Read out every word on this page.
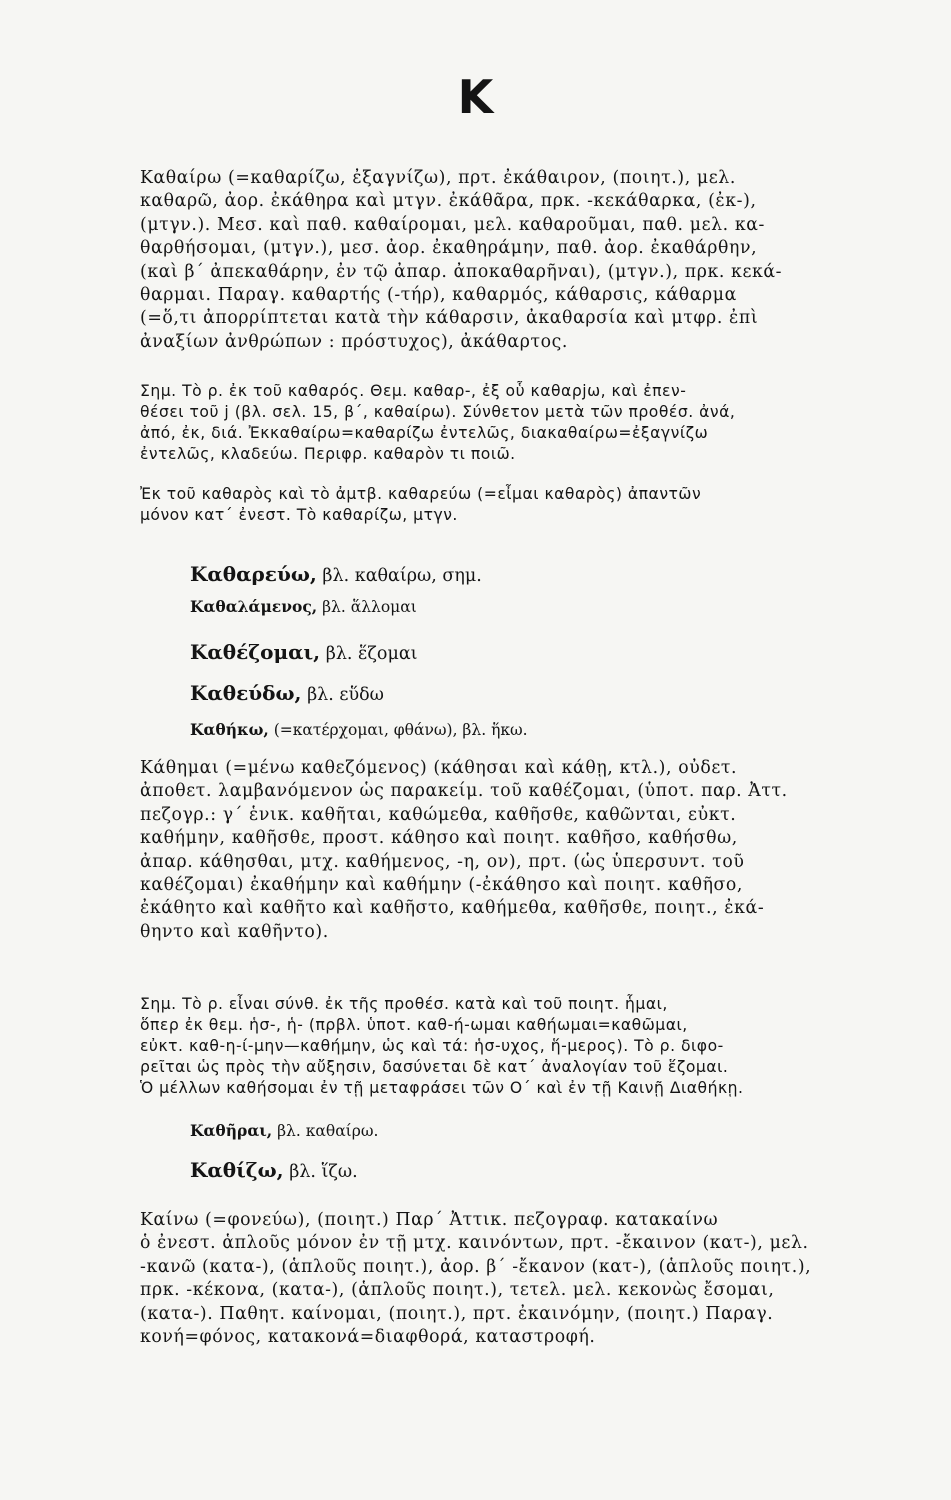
Κ
Καθαίρω (=καθαρίζω, ἐξαγνίζω), πρτ. ἐκάθαιρον, (ποιητ.), μελ.
καθαρῶ, ἀορ. ἐκάθηρα καὶ μτγν. ἐκάθᾶρα, πρκ. -κεκάθαρκα, (ἐκ-),
(μτγν.). Μεσ. καὶ παθ. καθαίρομαι, μελ. καθαροῦμαι, παθ. μελ. κα-
θαρθήσομαι, (μτγν.), μεσ. ἀορ. ἐκαθηράμην, παθ. ἀορ. ἐκαθάρθην,
(καὶ β΄ ἀπεκαθάρην, ἐν τῷ ἀπαρ. ἀποκαθαρῆναι), (μτγν.), πρκ. κεκά-
θαρμαι. Παραγ. καθαρτής (-τήρ), καθαρμός, κάθαρσις, κάθαρμα
(=ὅ,τι ἀπορρίπτεται κατὰ τὴν κάθαρσιν, ἀκαθαρσία καὶ μτφρ. ἐπὶ
ἀναξίων ἀνθρώπων : πρόστυχος), ἀκάθαρτος.
Σημ. Τὸ ρ. ἐκ τοῦ καθαρός. Θεμ. καθαρ-, ἐξ οὗ καθαρjω, καὶ ἐπεν-
θέσει τοῦ j (βλ. σελ. 15, β΄, καθαίρω). Σύνθετον μετὰ τῶν προθέσ. ἀνά,
ἀπό, ἐκ, διά. Ἐκκαθαίρω=καθαρίζω ἐντελῶς, διακαθαίρω=ἐξαγνίζω
ἐντελῶς, κλαδεύω. Περιφρ. καθαρὸν τι ποιῶ.
Ἐκ τοῦ καθαρὸς καὶ τὸ ἀμτβ. καθαρεύω (=εἶμαι καθαρὸς) ἀπαντῶν
μόνον κατ΄ ἐνεστ. Τὸ καθαρίζω, μτγν.
Καθαρεύω, βλ. καθαίρω, σημ.
Καθαλάμενος, βλ. ἅλλομαι
Καθέζομαι, βλ. ἕζομαι
Καθεύδω, βλ. εὕδω
Καθήκω, (=κατέρχομαι, φθάνω), βλ. ἥκω.
Κάθημαι (=μένω καθεζόμενος) (κάθησαι καὶ κάθῃ, κτλ.), οὐδετ.
ἀποθετ. λαμβανόμενον ὡς παρακείμ. τοῦ καθέζομαι, (ὑποτ. παρ. Ἀττ.
πεζογρ.: γ΄ ἑνικ. καθῆται, καθώμεθα, καθῆσθε, καθῶνται, εὐκτ.
καθήμην, καθῆσθε, προστ. κάθησο καὶ ποιητ. καθῆσο, καθήσθω,
ἀπαρ. κάθησθαι, μτχ. καθήμενος, -η, ον), πρτ. (ὡς ὑπερσυντ. τοῦ
καθέζομαι) ἐκαθήμην καὶ καθήμην (-ἐκάθησο καὶ ποιητ. καθῆσο,
ἐκάθητο καὶ καθῆτο καὶ καθῆστο, καθήμεθα, καθῆσθε, ποιητ., ἐκά-
θηντο καὶ καθῆντο).
Σημ. Τὸ ρ. εἶναι σύνθ. ἐκ τῆς προθέσ. κατὰ καὶ τοῦ ποιητ. ἧμαι,
ὅπερ ἐκ θεμ. ἡσ-, ἡ- (πρβλ. ὑποτ. καθ-ή-ωμαι καθήωμαι=καθῶμαι,
εὐκτ. καθ-η-ί-μην—καθήμην, ὡς καὶ τά: ἡσ-υχος, ἥ-μερος). Τὸ ρ. διφο-
ρεῖται ὡς πρὸς τὴν αὔξησιν, δασύνεται δὲ κατ΄ ἀναλογίαν τοῦ ἕζομαι.
Ὁ μέλλων καθήσομαι ἐν τῇ μεταφράσει τῶν Ο΄ καὶ ἐν τῇ Καινῇ Διαθήκῃ.
Καθῆραι, βλ. καθαίρω.
Καθίζω, βλ. ἵζω.
Καίνω (=φονεύω), (ποιητ.) Παρ΄ Ἀττικ. πεζογραφ. κατακαίνω
ὁ ἐνεστ. ἁπλοῦς μόνον ἐν τῇ μτχ. καινόντων, πρτ. -ἔκαινον (κατ-), μελ.
-κανῶ (κατα-), (ἁπλοῦς ποιητ.), ἀορ. β΄ -ἔκανον (κατ-), (ἁπλοῦς ποιητ.),
πρκ. -κέκονα, (κατα-), (ἁπλοῦς ποιητ.), τετελ. μελ. κεκονὼς ἔσομαι,
(κατα-). Παθητ. καίνομαι, (ποιητ.), πρτ. ἐκαινόμην, (ποιητ.) Παραγ.
κονή=φόνος, κατακονά=διαφθορά, καταστροφή.
